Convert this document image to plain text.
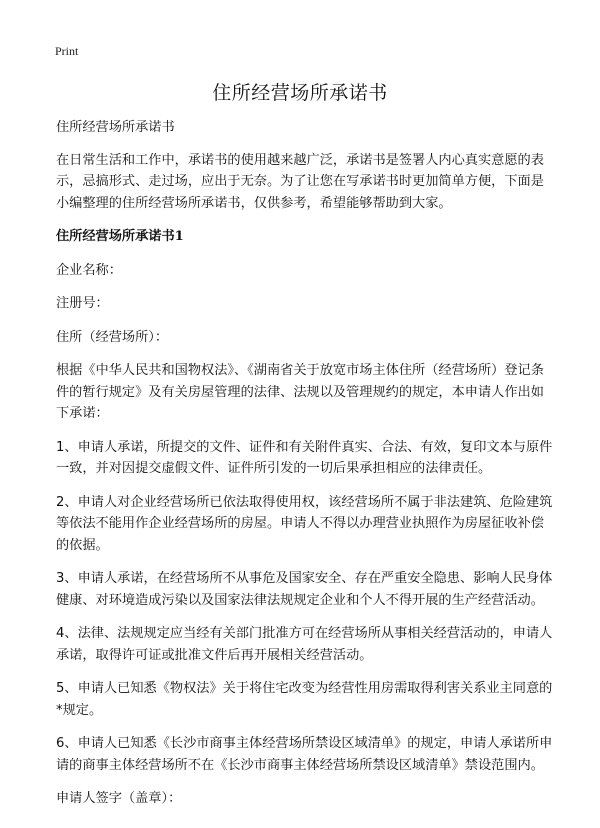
Print
住所经营场所承诺书

住所经营场所承诺书

在日常生活和工作中，承诺书的使用越来越广泛，承诺书是签署人内心真实意愿的表示，忌搞形式、走过场，应出于无奈。为了让您在写承诺书时更加简单方便，下面是小编整理的住所经营场所承诺书，仅供参考，希望能够帮助到大家。

住所经营场所承诺书1

企业名称：

注册号：

住所（经营场所）：

根据《中华人民共和国物权法》、《湖南省关于放宽市场主体住所（经营场所）登记条件的暂行规定》及有关房屋管理的法律、法规以及管理规约的规定，本申请人作出如下承诺：

1、申请人承诺，所提交的文件、证件和有关附件真实、合法、有效，复印文本与原件一致，并对因提交虚假文件、证件所引发的一切后果承担相应的法律责任。

2、申请人对企业经营场所已依法取得使用权，该经营场所不属于非法建筑、危险建筑等依法不能用作企业经营场所的房屋。申请人不得以办理营业执照作为房屋征收补偿的依据。

3、申请人承诺，在经营场所不从事危及国家安全、存在严重安全隐患、影响人民身体健康、对环境造成污染以及国家法律法规规定企业和个人不得开展的生产经营活动。

4、法律、法规规定应当经有关部门批准方可在经营场所从事相关经营活动的，申请人承诺，取得许可证或批准文件后再开展相关经营活动。

5、申请人已知悉《物权法》关于将住宅改变为经营性用房需取得利害关系业主同意的*规定。

6、申请人已知悉《长沙市商事主体经营场所禁设区域清单》的规定，申请人承诺所申请的商事主体经营场所不在《长沙市商事主体经营场所禁设区域清单》禁设范围内。

申请人签字（盖章）：
